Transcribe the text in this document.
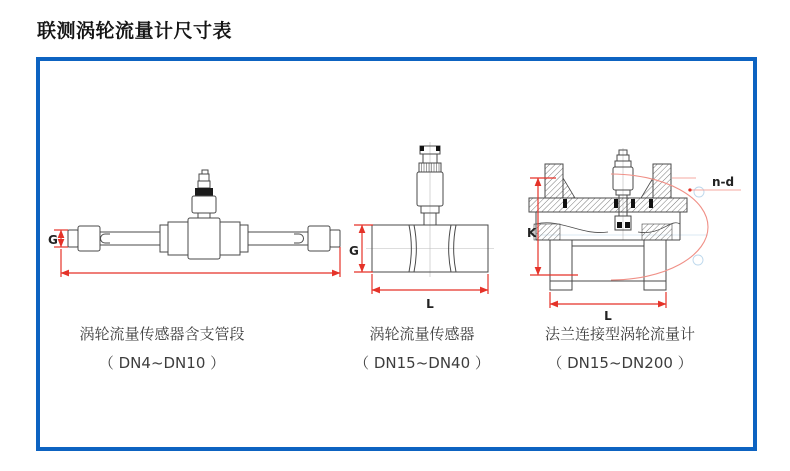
联测涡轮流量计尺寸表
G
G
L
K
L
n-d
涡轮流量传感器含支管段
（ DN4~DN10 ）
涡轮流量传感器
（ DN15~DN40 ）
法兰连接型涡轮流量计
（ DN15~DN200 ）
